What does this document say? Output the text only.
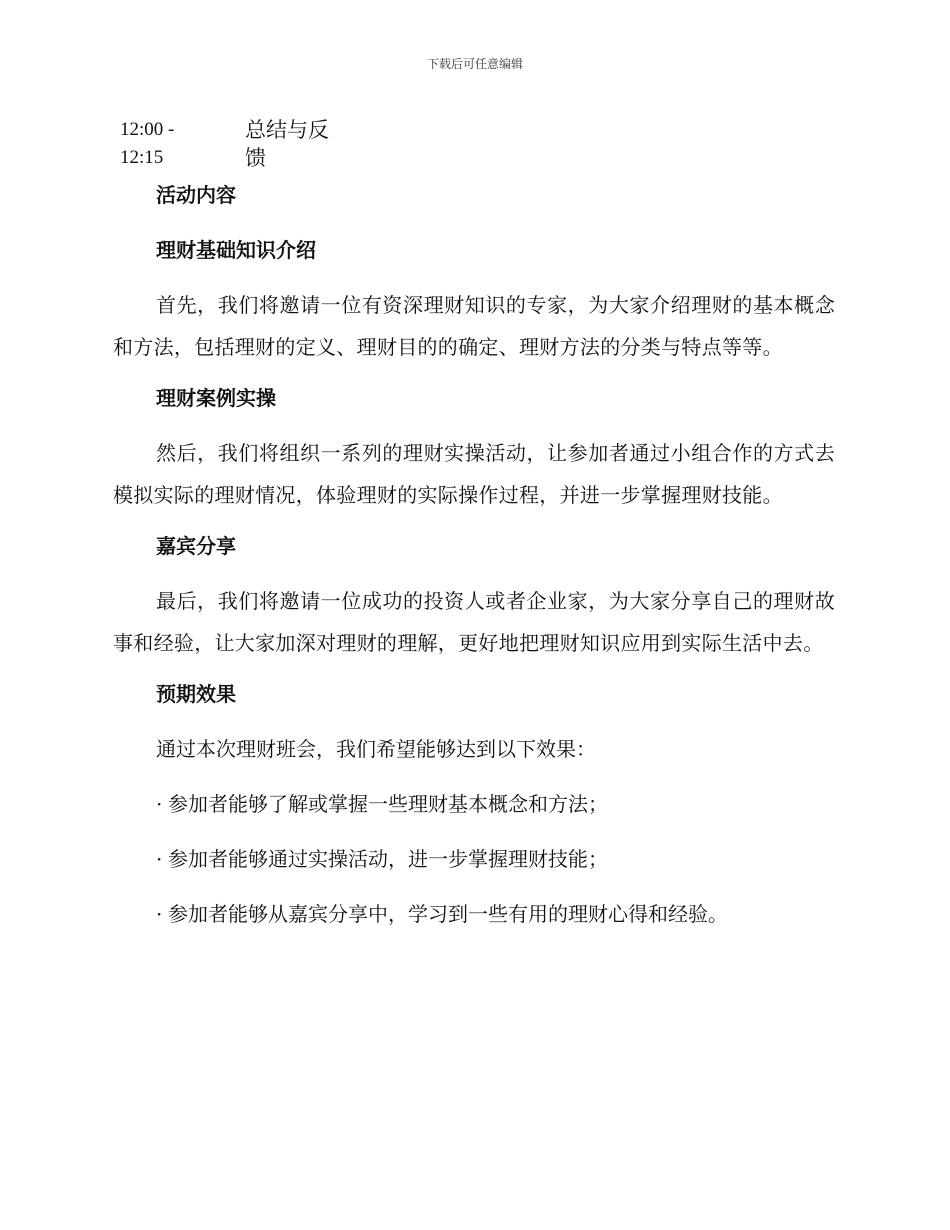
下载后可任意编辑
12:00 -
12:15
总结与反
馈
活动内容
理财基础知识介绍

首先，我们将邀请一位有资深理财知识的专家，为大家介绍理财的基本概念和方法，包括理财的定义、理财目的的确定、理财方法的分类与特点等等。

理财案例实操

然后，我们将组织一系列的理财实操活动，让参加者通过小组合作的方式去模拟实际的理财情况，体验理财的实际操作过程，并进一步掌握理财技能。

嘉宾分享

最后，我们将邀请一位成功的投资人或者企业家，为大家分享自己的理财故事和经验，让大家加深对理财的理解，更好地把理财知识应用到实际生活中去。

预期效果
通过本次理财班会，我们希望能够达到以下效果：
· 参加者能够了解或掌握一些理财基本概念和方法；
· 参加者能够通过实操活动，进一步掌握理财技能；
· 参加者能够从嘉宾分享中，学习到一些有用的理财心得和经验。
